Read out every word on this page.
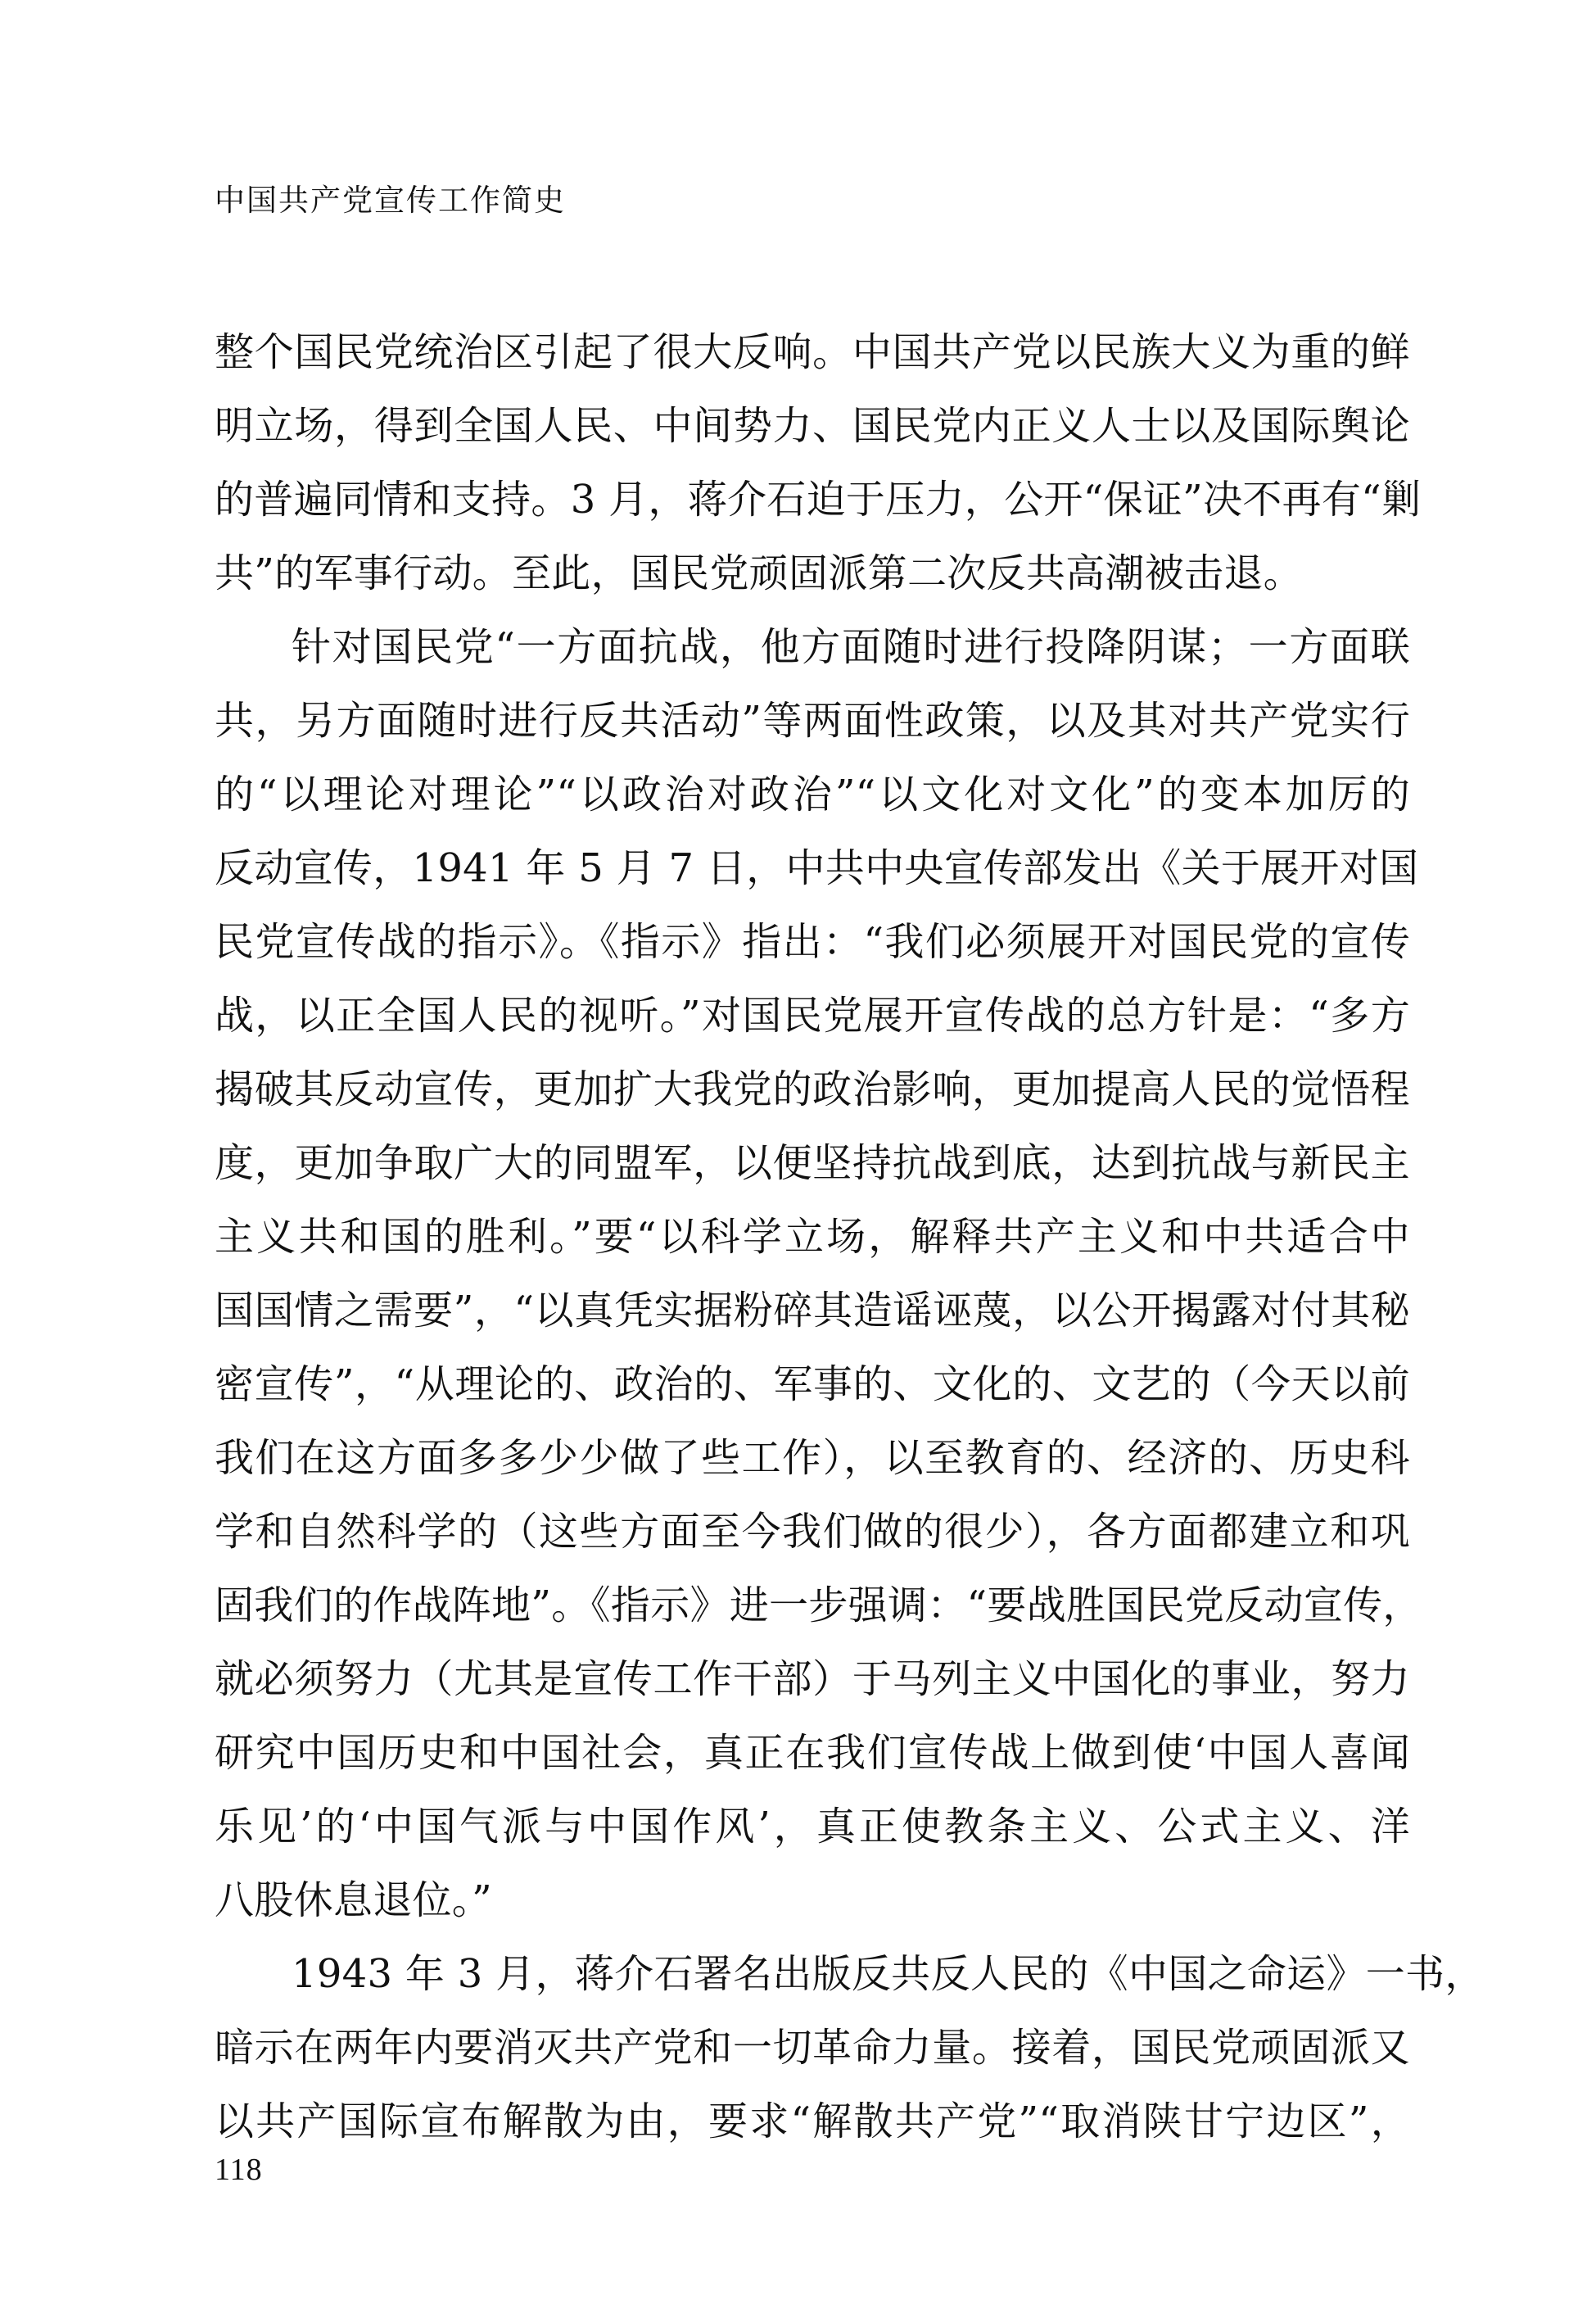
中国共产党宣传工作简史
整个国民党统治区引起了很大反响。中国共产党以民族大义为重的鲜
明立场，得到全国人民、中间势力、国民党内正义人士以及国际舆论
的普遍同情和支持。3 月，蒋介石迫于压力，公开“保证”决不再有“剿
共”的军事行动。至此，国民党顽固派第二次反共高潮被击退。
针对国民党“一方面抗战，他方面随时进行投降阴谋；一方面联
共，另方面随时进行反共活动”等两面性政策，以及其对共产党实行
的“以理论对理论”“以政治对政治”“以文化对文化”的变本加厉的
反动宣传，1941 年 5 月 7 日，中共中央宣传部发出《关于展开对国
民党宣传战的指示》。《指示》指出：“我们必须展开对国民党的宣传
战，以正全国人民的视听。”对国民党展开宣传战的总方针是：“多方
揭破其反动宣传，更加扩大我党的政治影响，更加提高人民的觉悟程
度，更加争取广大的同盟军，以便坚持抗战到底，达到抗战与新民主
主义共和国的胜利。”要“以科学立场，解释共产主义和中共适合中
国国情之需要”，“以真凭实据粉碎其造谣诬蔑，以公开揭露对付其秘
密宣传”，“从理论的、政治的、军事的、文化的、文艺的（今天以前
我们在这方面多多少少做了些工作），以至教育的、经济的、历史科
学和自然科学的（这些方面至今我们做的很少），各方面都建立和巩
固我们的作战阵地”。《指示》进一步强调：“要战胜国民党反动宣传，
就必须努力（尤其是宣传工作干部）于马列主义中国化的事业，努力
研究中国历史和中国社会，真正在我们宣传战上做到使‘中国人喜闻
乐见’的‘中国气派与中国作风’，真正使教条主义、公式主义、洋
八股休息退位。”
1943 年 3 月，蒋介石署名出版反共反人民的《中国之命运》一书，
暗示在两年内要消灭共产党和一切革命力量。接着，国民党顽固派又
以共产国际宣布解散为由，要求“解散共产党”“取消陕甘宁边区”，
118
